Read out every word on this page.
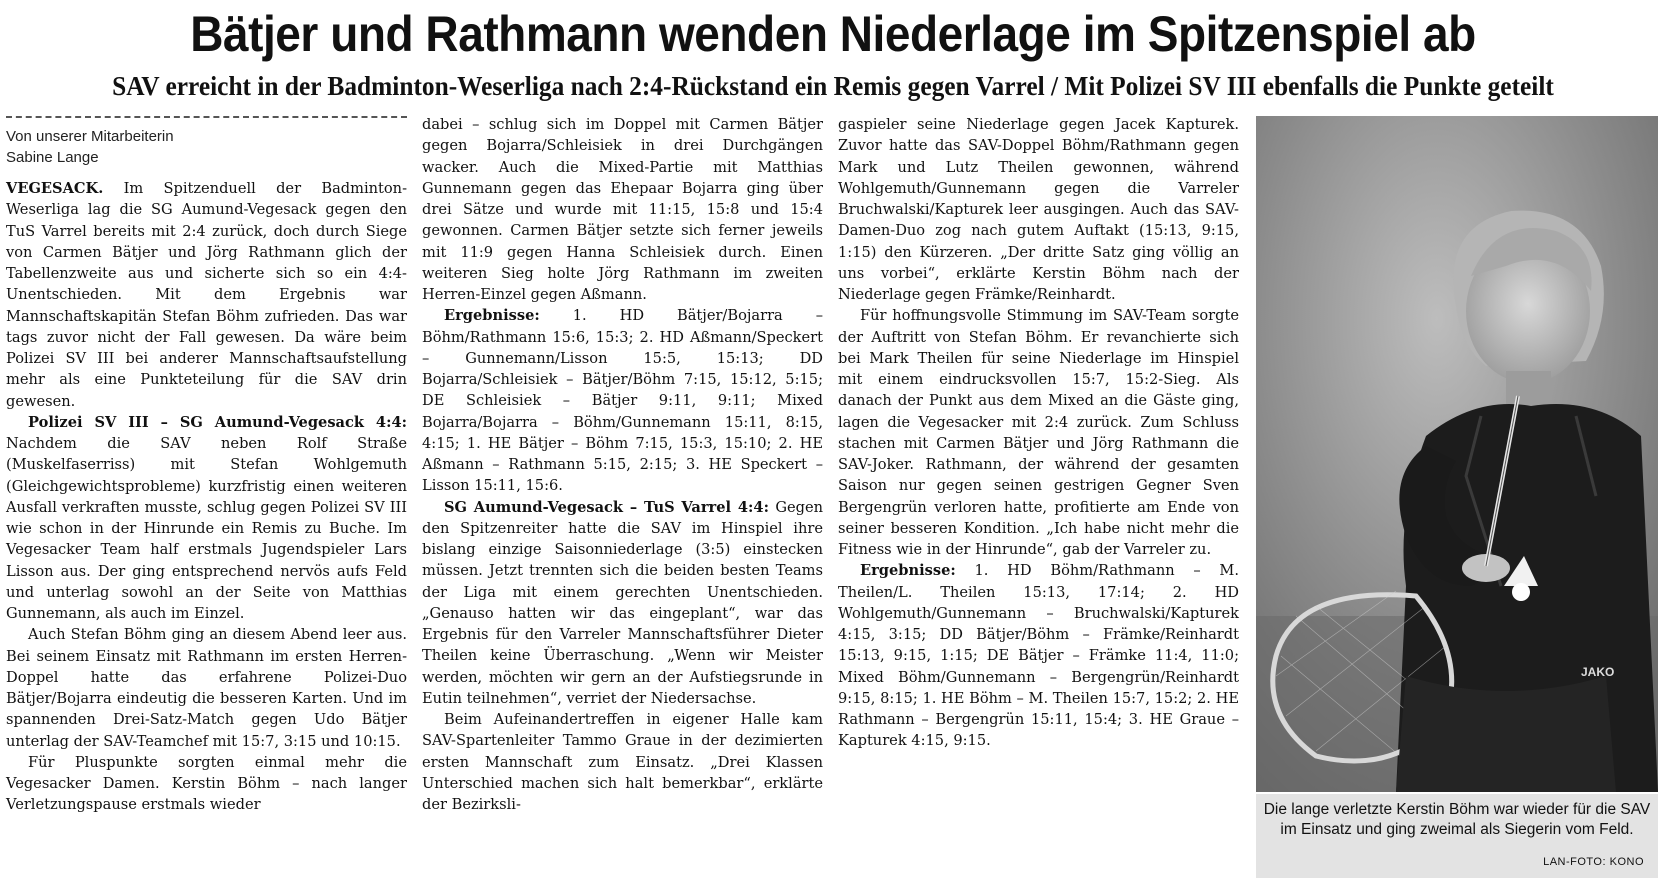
Bätjer und Rathmann wenden Niederlage im Spitzenspiel ab
SAV erreicht in der Badminton-Weserliga nach 2:4-Rückstand ein Remis gegen Varrel / Mit Polizei SV III ebenfalls die Punkte geteilt
Von unserer Mitarbeiterin
Sabine Lange

VEGESACK. Im Spitzenduell der Badminton-Weserliga lag die SG Aumund-Vegesack gegen den TuS Varrel bereits mit 2:4 zurück, doch durch Siege von Carmen Bätjer und Jörg Rathmann glich der Tabellenzweite aus und sicherte sich so ein 4:4-Unentschieden. Mit dem Ergebnis war Mannschaftskapitän Stefan Böhm zufrieden. Das war tags zuvor nicht der Fall gewesen. Da wäre beim Polizei SV III bei anderer Mannschaftsaufstellung mehr als eine Punkteteilung für die SAV drin gewesen.

Polizei SV III – SG Aumund-Vegesack 4:4: Nachdem die SAV neben Rolf Straße (Muskelfaserriss) mit Stefan Wohlgemuth (Gleichgewichtsprobleme) kurzfristig einen weiteren Ausfall verkraften musste, schlug gegen Polizei SV III wie schon in der Hinrunde ein Remis zu Buche. Im Vegesacker Team half erstmals Jugendspieler Lars Lisson aus. Der ging entsprechend nervös aufs Feld und unterlag sowohl an der Seite von Matthias Gunnemann, als auch im Einzel.

Auch Stefan Böhm ging an diesem Abend leer aus. Bei seinem Einsatz mit Rathmann im ersten Herren-Doppel hatte das erfahrene Polizei-Duo Bätjer/Bojarra eindeutig die besseren Karten. Und im spannenden Drei-Satz-Match gegen Udo Bätjer unterlag der SAV-Teamchef mit 15:7, 3:15 und 10:15.

Für Pluspunkte sorgten einmal mehr die Vegesacker Damen. Kerstin Böhm – nach langer Verletzungspause erstmals wieder

dabei – schlug sich im Doppel mit Carmen Bätjer gegen Bojarra/Schleisiek in drei Durchgängen wacker. Auch die Mixed-Partie mit Matthias Gunnemann gegen das Ehepaar Bojarra ging über drei Sätze und wurde mit 11:15, 15:8 und 15:4 gewonnen. Carmen Bätjer setzte sich ferner jeweils mit 11:9 gegen Hanna Schleisiek durch. Einen weiteren Sieg holte Jörg Rathmann im zweiten Herren-Einzel gegen Aßmann.

Ergebnisse: 1. HD Bätjer/Bojarra – Böhm/Rathmann 15:6, 15:3; 2. HD Aßmann/Speckert – Gunnemann/Lisson 15:5, 15:13; DD Bojarra/Schleisiek – Bätjer/Böhm 7:15, 15:12, 5:15; DE Schleisiek – Bätjer 9:11, 9:11; Mixed Bojarra/Bojarra – Böhm/Gunnemann 15:11, 8:15, 4:15; 1. HE Bätjer – Böhm 7:15, 15:3, 15:10; 2. HE Aßmann – Rathmann 5:15, 2:15; 3. HE Speckert – Lisson 15:11, 15:6.

SG Aumund-Vegesack – TuS Varrel 4:4: Gegen den Spitzenreiter hatte die SAV im Hinspiel ihre bislang einzige Saisonniederlage (3:5) einstecken müssen. Jetzt trennten sich die beiden besten Teams der Liga mit einem gerechten Unentschieden. „Genauso hatten wir das eingeplant“, war das Ergebnis für den Varreler Mannschaftsführer Dieter Theilen keine Überraschung. „Wenn wir Meister werden, möchten wir gern an der Aufstiegsrunde in Eutin teilnehmen“, verriet der Niedersachse.

Beim Aufeinandertreffen in eigener Halle kam SAV-Spartenleiter Tammo Graue in der dezimierten ersten Mannschaft zum Einsatz. „Drei Klassen Unterschied machen sich halt bemerkbar“, erklärte der Bezirksli-

gaspieler seine Niederlage gegen Jacek Kapturek. Zuvor hatte das SAV-Doppel Böhm/Rathmann gegen Mark und Lutz Theilen gewonnen, während Wohlgemuth/Gunnemann gegen die Varreler Bruchwalski/Kapturek leer ausgingen. Auch das SAV-Damen-Duo zog nach gutem Auftakt (15:13, 9:15, 1:15) den Kürzeren. „Der dritte Satz ging völlig an uns vorbei“, erklärte Kerstin Böhm nach der Niederlage gegen Främke/Reinhardt.

Für hoffnungsvolle Stimmung im SAV-Team sorgte der Auftritt von Stefan Böhm. Er revanchierte sich bei Mark Theilen für seine Niederlage im Hinspiel mit einem eindrucksvollen 15:7, 15:2-Sieg. Als danach der Punkt aus dem Mixed an die Gäste ging, lagen die Vegesacker mit 2:4 zurück. Zum Schluss stachen mit Carmen Bätjer und Jörg Rathmann die SAV-Joker. Rathmann, der während der gesamten Saison nur gegen seinen gestrigen Gegner Sven Bergengrün verloren hatte, profitierte am Ende von seiner besseren Kondition. „Ich habe nicht mehr die Fitness wie in der Hinrunde“, gab der Varreler zu.

Ergebnisse: 1. HD Böhm/Rathmann – M. Theilen/L. Theilen 15:13, 17:14; 2. HD Wohlgemuth/Gunnemann – Bruchwalski/Kapturek 4:15, 3:15; DD Bätjer/Böhm – Främke/Reinhardt 15:13, 9:15, 1:15; DE Bätjer – Främke 11:4, 11:0; Mixed Böhm/Gunnemann – Bergengrün/Reinhardt 9:15, 8:15; 1. HE Böhm – M. Theilen 15:7, 15:2; 2. HE Rathmann – Bergengrün 15:11, 15:4; 3. HE Graue – Kapturek 4:15, 9:15.

JAKO
Die lange verletzte Kerstin Böhm war wieder für die SAV im Einsatz und ging zweimal als Siegerin vom Feld.
LAN-FOTO: KONO
